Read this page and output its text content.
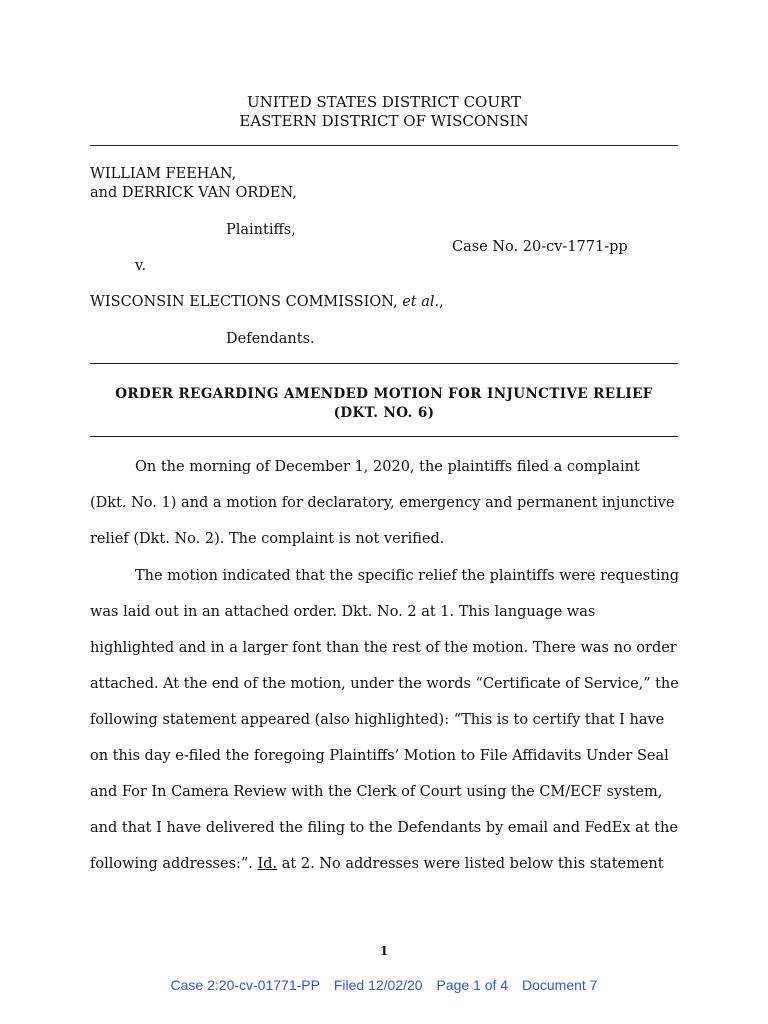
UNITED STATES DISTRICT COURT
EASTERN DISTRICT OF WISCONSIN
WILLIAM FEEHAN,
and DERRICK VAN ORDEN,
Plaintiffs,
Case No. 20-cv-1771-pp
v.
WISCONSIN ELECTIONS COMMISSION, et al.,
Defendants.
ORDER REGARDING AMENDED MOTION FOR INJUNCTIVE RELIEF
(DKT. NO. 6)
On the morning of December 1, 2020, the plaintiffs filed a complaint
(Dkt. No. 1) and a motion for declaratory, emergency and permanent injunctive
relief (Dkt. No. 2). The complaint is not verified.
The motion indicated that the specific relief the plaintiffs were requesting
was laid out in an attached order. Dkt. No. 2 at 1. This language was
highlighted and in a larger font than the rest of the motion. There was no order
attached. At the end of the motion, under the words “Certificate of Service,” the
following statement appeared (also highlighted): “This is to certify that I have
on this day e-filed the foregoing Plaintiffs’ Motion to File Affidavits Under Seal
and For In Camera Review with the Clerk of Court using the CM/ECF system,
and that I have delivered the filing to the Defendants by email and FedEx at the
following addresses:”. Id. at 2. No addresses were listed below this statement
1
Case 2:20-cv-01771-PP Filed 12/02/20 Page 1 of 4 Document 7
